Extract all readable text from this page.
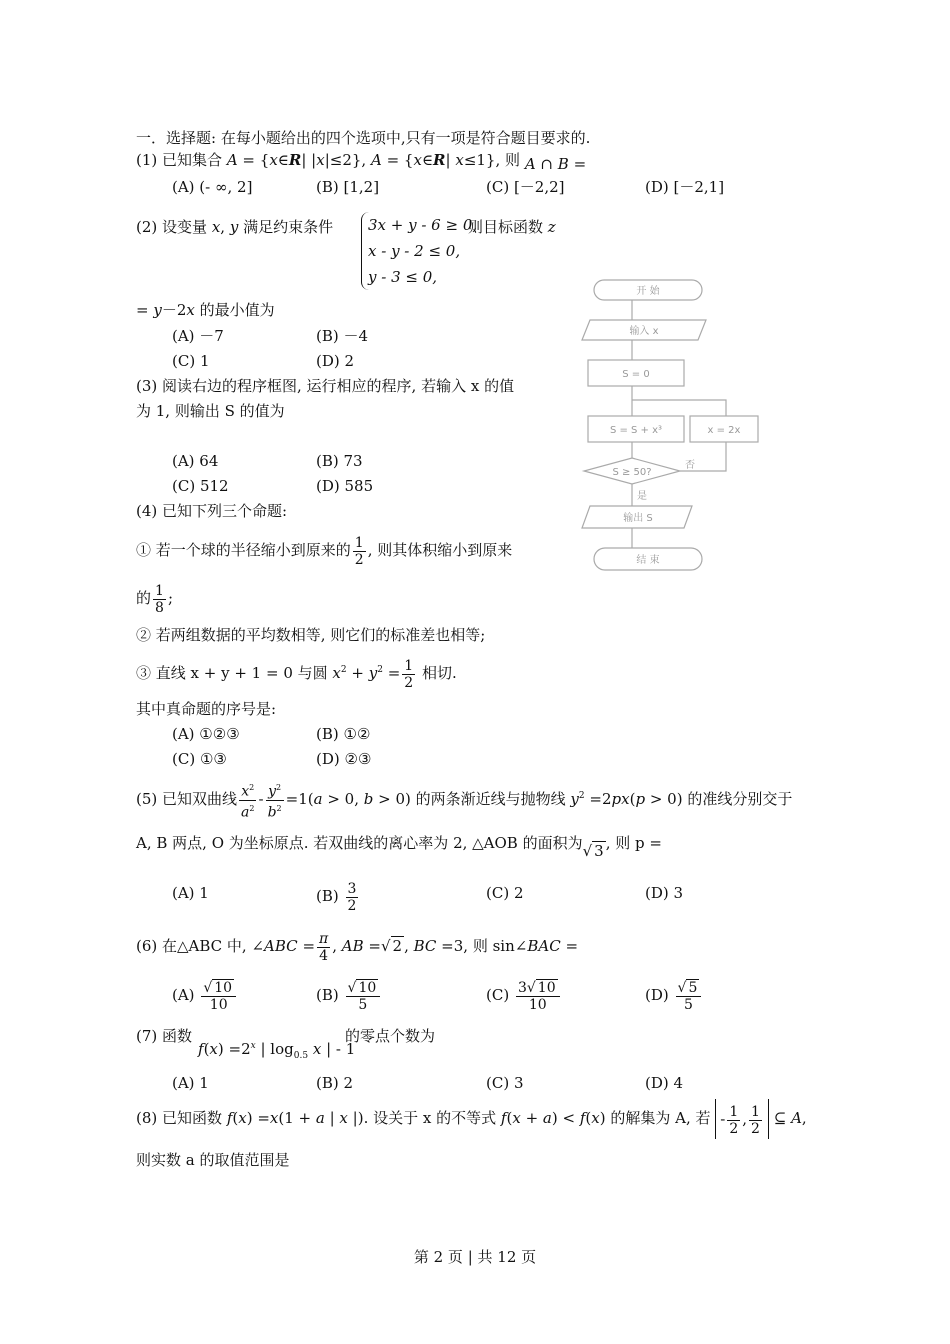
一．选择题: 在每小题给出的四个选项中,只有一项是符合题目要求的.
(1) 已知集合 A = {x∈R| |x|≤2}, A = {x∈R| x≤1}, 则 A ∩ B =
(A) (- ∞, 2]	(B) [1,2]	(C) [－2,2]	(D) [－2,1]
(2) 设变量 x, y 满足约束条件 3x + y - 6 ≥ 0,
x - y - 2 ≤ 0,
y - 3 ≤ 0,
则目标函数 z
= y－2x 的最小值为
(A) －7	(B) －4
(C) 1	(D) 2
(3) 阅读右边的程序框图, 运行相应的程序, 若输入 x 的值
为 1, 则输出 S 的值为
(A) 64	(B) 73
(C) 512	(D) 585
开 始
输入 x
S = 0
S = S + x³	x = 2x
S ≥ 50?
否
是
输出 S
结 束
(4) 已知下列三个命题:
① 若一个球的半径缩小到原来的 $\frac{1}{2}$ , 则其体积缩小到原来
的 $\frac{1}{8}$ ;
② 若两组数据的平均数相等, 则它们的标准差也相等;
③ 直线 x + y + 1 = 0 与圆 $x^2 + y^2 = \frac{1}{2}$ 相切.
其中真命题的序号是:
(A) ①②③	(B) ①②
(C) ①③	(D) ②③
(5) 已知双曲线 $\frac{x^2}{a^2} - \frac{y^2}{b^2} =1(a > 0$, b > 0) 的两条渐近线与抛物线 $y^2 =2px(p > 0)$ 的准线分别交于
A, B 两点, O 为坐标原点. 若双曲线的离心率为 2, △AOB 的面积为√ 3 , 则 p =
(A) 1	$(B) \frac{3}{2}$	(C) 2	(D) 3
(6) 在△ABC 中, ∠ABC = $\frac{\pi}{4}$ , AB =√ 2 , BC =3, 则 sin∠BAC =
$(A) \frac{√ 10}{10}$	$(B) \frac{√ 10}{5}$	$(C) \frac{3√ 10}{10}$	$(D) \frac{√ 5}{5}$
(7) 函数
$f(x) =2^x$ | $\log_{0.5} x$ | - 1
的零点个数为
(A) 1	(B) 2	(C) 3	(D) 4
(8) 已知函数 f(x) =x(1 + a | x |). 设关于 x 的不等式 f(x + a) < f(x) 的解集为 A, 若 - $\frac{1}{2}$ , $\frac{1}{2}$ ⊆ A,
则实数 a 的取值范围是
第 2 页 | 共 12 页
